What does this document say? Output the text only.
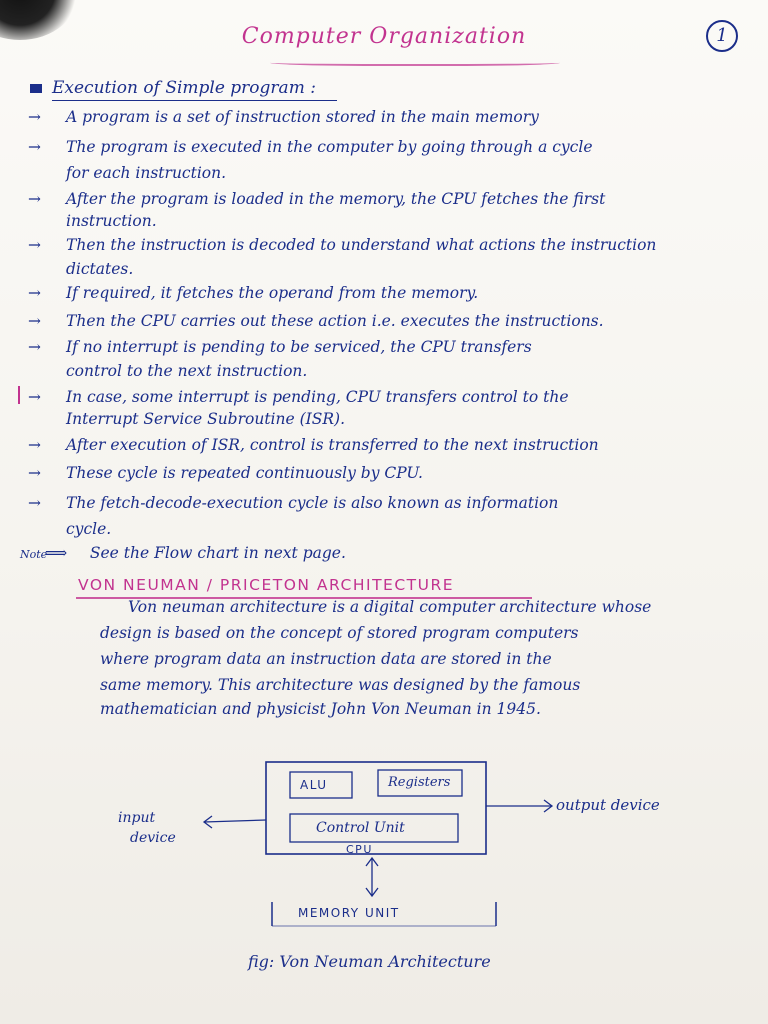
Computer Organization	1
Execution of Simple program :
→ A program is a set of instruction stored in the main memory
→ The program is executed in the computer by going through a cycle
for each instruction.
→ After the program is loaded in the memory, the CPU fetches the first
instruction.
→ Then the instruction is decoded to understand what actions the instruction
dictates.
→ If required, it fetches the operand from the memory.
→ Then the CPU carries out these action i.e. executes the instructions.
→ If no interrupt is pending to be serviced, the CPU transfers
control to the next instruction.
→ In case, some interrupt is pending, CPU transfers control to the
Interrupt Service Subroutine (ISR).
→ After execution of ISR, control is transferred to the next instruction
→ These cycle is repeated continuously by CPU.
→ The fetch-decode-execution cycle is also known as information
cycle.
Note ⟹ See the Flow chart in next page.
VON NEUMAN / PRICETON ARCHITECTURE
Von neuman architecture is a digital computer architecture whose
design is based on the concept of stored program computers
where program data an instruction data are stored in the
same memory. This architecture was designed by the famous
mathematician and physicist John Von Neuman in 1945.
ALU	Registers
Control Unit
CPU
MEMORY UNIT
input
device
output device
fig: Von Neuman Architecture
